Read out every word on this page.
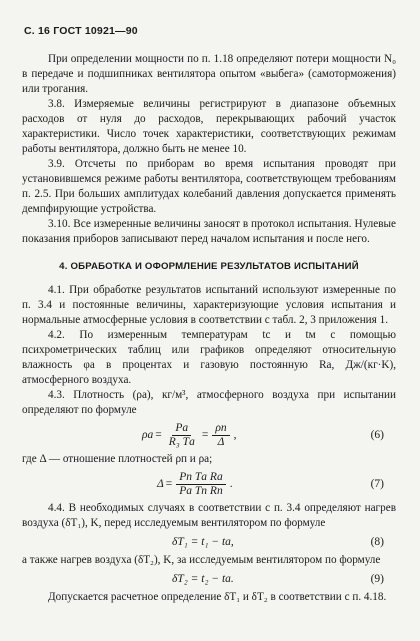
С. 16 ГОСТ 10921—90

При определении мощности по п. 1.18 определяют потери мощности N₀ в передаче и подшипниках вентилятора опытом «выбега» (самоторможения) или трогания.

3.8. Измеряемые величины регистрируют в диапазоне объемных расходов от нуля до расходов, перекрывающих рабочий участок характеристики. Число точек характеристики, соответствующих режимам работы вентилятора, должно быть не менее 10.

3.9. Отсчеты по приборам во время испытания проводят при установившемся режиме работы вентилятора, соответствующем требованиям п. 2.5. При больших амплитудах колебаний давления допускается применять демпфирующие устройства.

3.10. Все измеренные величины заносят в протокол испытания. Нулевые показания приборов записывают перед началом испытания и после него.

4. ОБРАБОТКА И ОФОРМЛЕНИЕ РЕЗУЛЬТАТОВ ИСПЫТАНИЙ

4.1. При обработке результатов испытаний используют измеренные по п. 3.4 и постоянные величины, характеризующие условия испытания и нормальные атмосферные условия в соответствии с табл. 2, 3 приложения 1.

4.2. По измеренным температурам tc и tм с помощью психрометрических таблиц или графиков определяют относительную влажность φа в процентах и газовую постоянную Rа, Дж/(кг·K), атмосферного воздуха.

4.3. Плотность (ρа), кг/м³, атмосферного воздуха при испытании определяют по формуле

$\rho а = \frac{Pа}{\text{R₃ Tа}} = \frac{\rho п}{\Delta}$ ,	(6)

где Δ — отношение плотностей ρп и ρа;

$\Delta = \frac{\text{Pп Tа Rа}}{\text{Pа Tп Rп}}$ .	(7)

4.4. В необходимых случаях в соответствии с п. 3.4 определяют нагрев воздуха (δT₁), K, перед исследуемым вентилятором по формуле

δT₁ = t₁ − tа,	(8)

а также нагрев воздуха (δT₂), K, за исследуемым вентилятором по формуле

δT₂ = t₂ − tа.	(9)

Допускается расчетное определение δT₁ и δT₂ в соответствии с п. 4.18.
